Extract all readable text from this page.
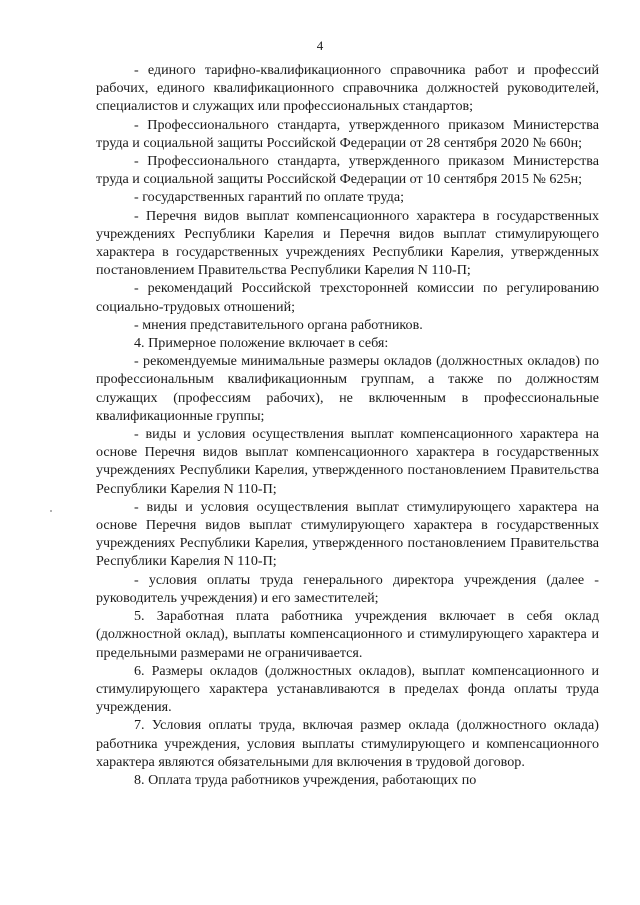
4

- единого тарифно-квалификационного справочника работ и профессий рабочих, единого квалификационного справочника должностей руководителей, специалистов и служащих или профессиональных стандартов;

- Профессионального стандарта, утвержденного приказом Министерства труда и социальной защиты Российской Федерации от 28 сентября 2020 № 660н;

- Профессионального стандарта, утвержденного приказом Министерства труда и социальной защиты Российской Федерации от 10 сентября 2015 № 625н;

- государственных гарантий по оплате труда;

- Перечня видов выплат компенсационного характера в государственных учреждениях Республики Карелия и Перечня видов выплат стимулирующего характера в государственных учреждениях Республики Карелия, утвержденных постановлением Правительства Республики Карелия N 110-П;

- рекомендаций Российской трехсторонней комиссии по регулированию социально-трудовых отношений;

- мнения представительного органа работников.

4. Примерное положение включает в себя:

- рекомендуемые минимальные размеры окладов (должностных окладов) по профессиональным квалификационным группам, а также по должностям служащих (профессиям рабочих), не включенным в профессиональные квалификационные группы;

- виды и условия осуществления выплат компенсационного характера на основе Перечня видов выплат компенсационного характера в государственных учреждениях Республики Карелия, утвержденного постановлением Правительства Республики Карелия N 110-П;

- виды и условия осуществления выплат стимулирующего характера на основе Перечня видов выплат стимулирующего характера в государственных учреждениях Республики Карелия, утвержденного постановлением Правительства Республики Карелия N 110-П;

- условия оплаты труда генерального директора учреждения (далее - руководитель учреждения) и его заместителей;

5. Заработная плата работника учреждения включает в себя оклад (должностной оклад), выплаты компенсационного и стимулирующего характера и предельными размерами не ограничивается.

6. Размеры окладов (должностных окладов), выплат компенсационного и стимулирующего характера устанавливаются в пределах фонда оплаты труда учреждения.

7. Условия оплаты труда, включая размер оклада (должностного оклада) работника учреждения, условия выплаты стимулирующего и компенсационного характера являются обязательными для включения в трудовой договор.

8. Оплата труда работников учреждения, работающих по
